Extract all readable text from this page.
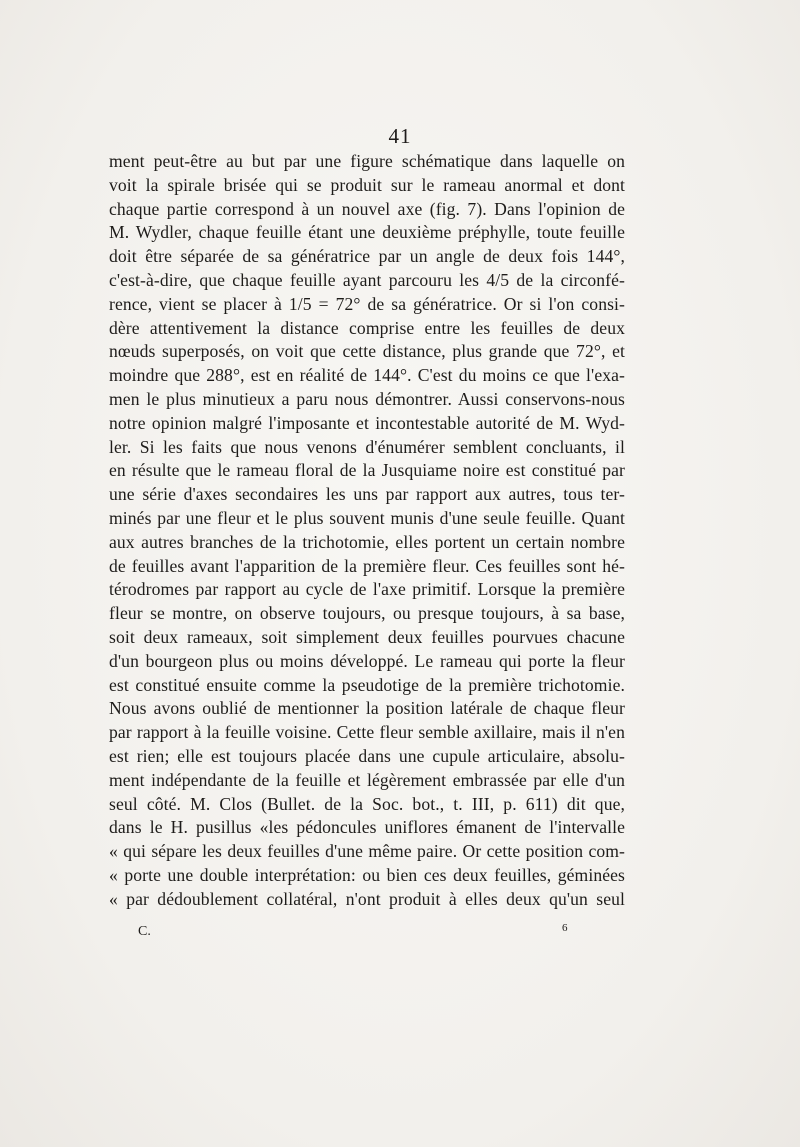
41
ment peut-être au but par une figure schématique dans laquelle on
voit la spirale brisée qui se produit sur le rameau anormal et dont
chaque partie correspond à un nouvel axe (fig. 7). Dans l'opinion de
M. Wydler, chaque feuille étant une deuxième préphylle, toute feuille
doit être séparée de sa génératrice par un angle de deux fois 144°,
c'est-à-dire, que chaque feuille ayant parcouru les 4/5 de la circonfé-
rence, vient se placer à 1/5 = 72° de sa génératrice. Or si l'on consi-
dère attentivement la distance comprise entre les feuilles de deux
nœuds superposés, on voit que cette distance, plus grande que 72°, et
moindre que 288°, est en réalité de 144°. C'est du moins ce que l'exa-
men le plus minutieux a paru nous démontrer. Aussi conservons-nous
notre opinion malgré l'imposante et incontestable autorité de M. Wyd-
ler. Si les faits que nous venons d'énumérer semblent concluants, il
en résulte que le rameau floral de la Jusquiame noire est constitué par
une série d'axes secondaires les uns par rapport aux autres, tous ter-
minés par une fleur et le plus souvent munis d'une seule feuille. Quant
aux autres branches de la trichotomie, elles portent un certain nombre
de feuilles avant l'apparition de la première fleur. Ces feuilles sont hé-
térodromes par rapport au cycle de l'axe primitif. Lorsque la première
fleur se montre, on observe toujours, ou presque toujours, à sa base,
soit deux rameaux, soit simplement deux feuilles pourvues chacune
d'un bourgeon plus ou moins développé. Le rameau qui porte la fleur
est constitué ensuite comme la pseudotige de la première trichotomie.
Nous avons oublié de mentionner la position latérale de chaque fleur
par rapport à la feuille voisine. Cette fleur semble axillaire, mais il n'en
est rien; elle est toujours placée dans une cupule articulaire, absolu-
ment indépendante de la feuille et légèrement embrassée par elle d'un
seul côté. M. Clos (Bullet. de la Soc. bot., t. III, p. 611) dit que,
dans le H. pusillus «les pédoncules uniflores émanent de l'intervalle
« qui sépare les deux feuilles d'une même paire. Or cette position com-
« porte une double interprétation: ou bien ces deux feuilles, géminées
« par dédoublement collatéral, n'ont produit à elles deux qu'un seul
C.	6
